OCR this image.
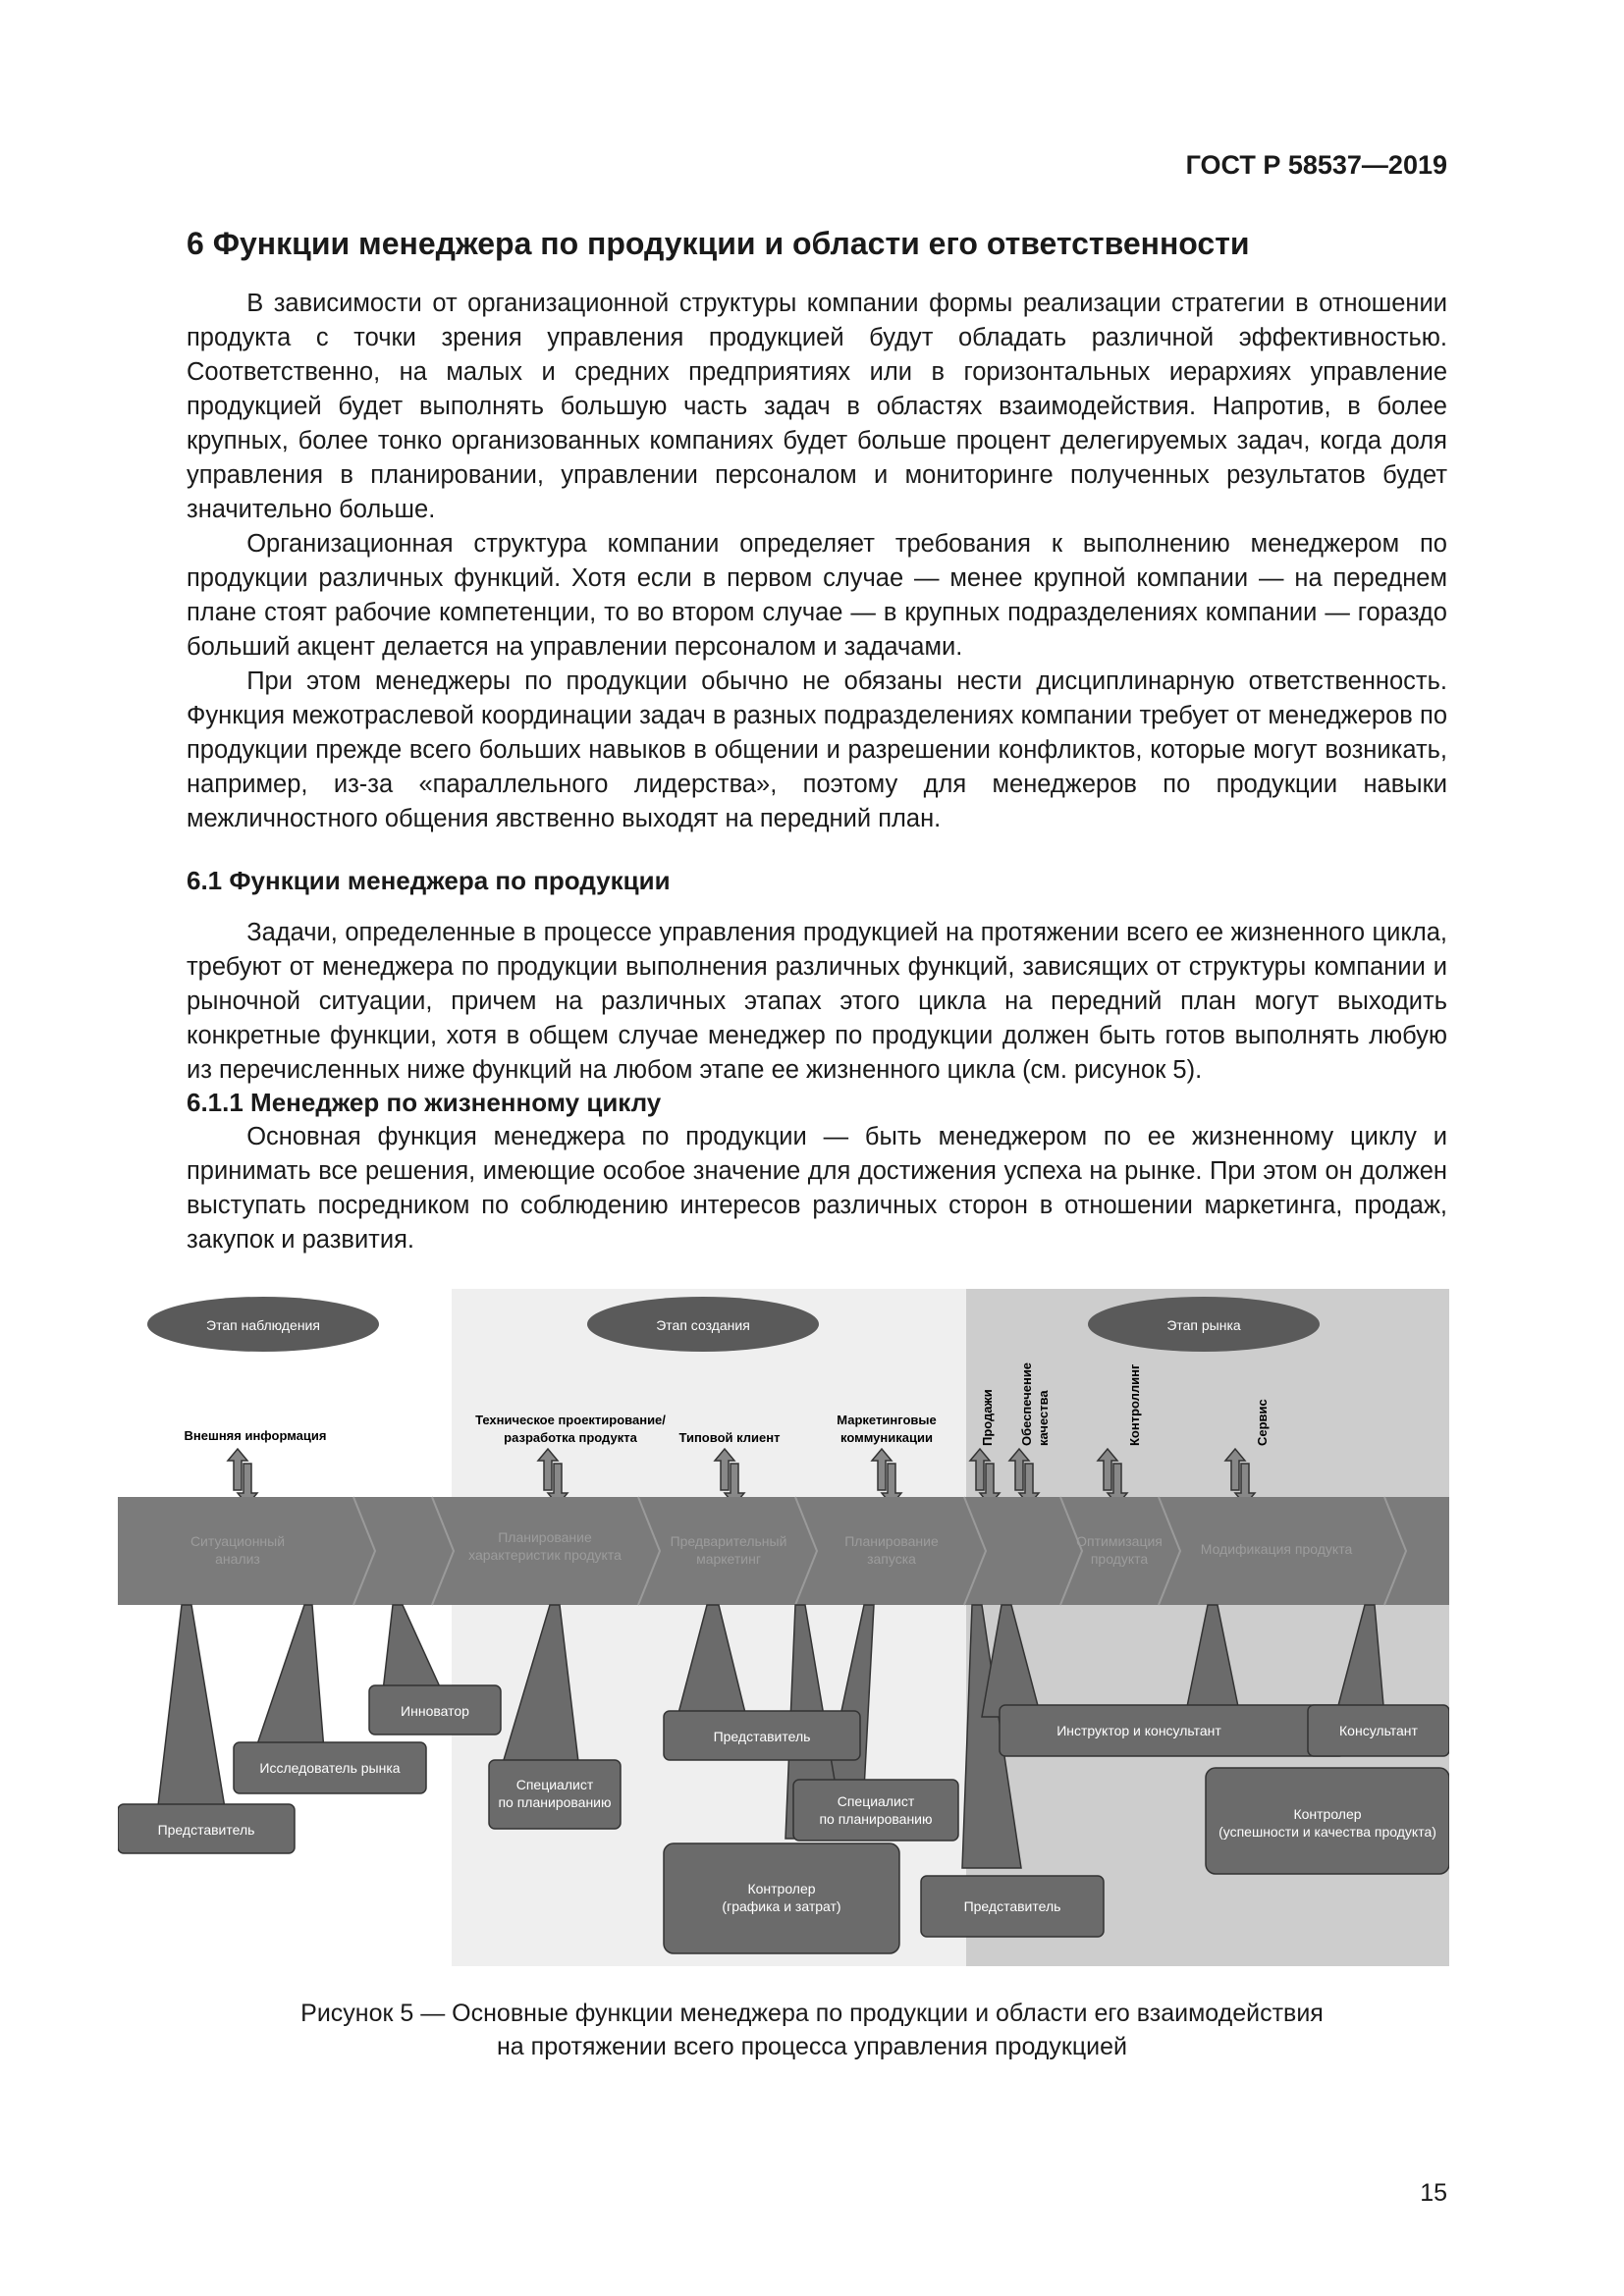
ГОСТ Р 58537—2019
6 Функции менеджера по продукции и области его ответственности

В зависимости от организационной структуры компании формы реализации стратегии в отношении продукта с точки зрения управления продукцией будут обладать различной эффективностью. Соответственно, на малых и средних предприятиях или в горизонтальных иерархиях управление продукцией будет выполнять большую часть задач в областях взаимодействия. Напротив, в более крупных, более тонко организованных компаниях будет больше процент делегируемых задач, когда доля управления в планировании, управлении персоналом и мониторинге полученных результатов будет значительно больше.

Организационная структура компании определяет требования к выполнению менеджером по продукции различных функций. Хотя если в первом случае — менее крупной компании — на переднем плане стоят рабочие компетенции, то во втором случае — в крупных подразделениях компании — гораздо больший акцент делается на управлении персоналом и задачами.

При этом менеджеры по продукции обычно не обязаны нести дисциплинарную ответственность. Функция межотраслевой координации задач в разных подразделениях компании требует от менеджеров по продукции прежде всего больших навыков в общении и разрешении конфликтов, которые могут возникать, например, из-за «параллельного лидерства», поэтому для менеджеров по продукции навыки межличностного общения явственно выходят на передний план.

6.1 Функции менеджера по продукции

Задачи, определенные в процессе управления продукцией на протяжении всего ее жизненного цикла, требуют от менеджера по продукции выполнения различных функций, зависящих от структуры компании и рыночной ситуации, причем на различных этапах этого цикла на передний план могут выходить конкретные функции, хотя в общем случае менеджер по продукции должен быть готов выполнять любую из перечисленных ниже функций на любом этапе ее жизненного цикла (см. рисунок 5).

6.1.1 Менеджер по жизненному циклу

Основная функция менеджера по продукции — быть менеджером по ее жизненному циклу и принимать все решения, имеющие особое значение для достижения успеха на рынке. При этом он должен выступать посредником по соблюдению интересов различных сторон в отношении маркетинга, продаж, закупок и развития.

Этап наблюдения	Этап создания	Этап рынка
Внешняя информация
Техническое проектирование/
разработка продукта	Типовой клиент
Маркетинговые
коммуникации	Продажи Обеспечение качества	Контроллинг	Сервис
Ситуационный
анализ
Планирование
характеристик продукта
Предварительный
маркетинг
Планирование
запуска
Оптимизация
продукта
Модификация продукта
Представитель
Исследователь рынка
Инноватор
Специалист
по планированию
Представитель
Специалист
по планированию
Контролер
(графика и затрат)	Представитель
Инструктор и консультант	Консультант
Контролер
(успешности и качества продукта)
Рисунок 5 — Основные функции менеджера по продукции и области его взаимодействия
на протяжении всего процесса управления продукцией
15
